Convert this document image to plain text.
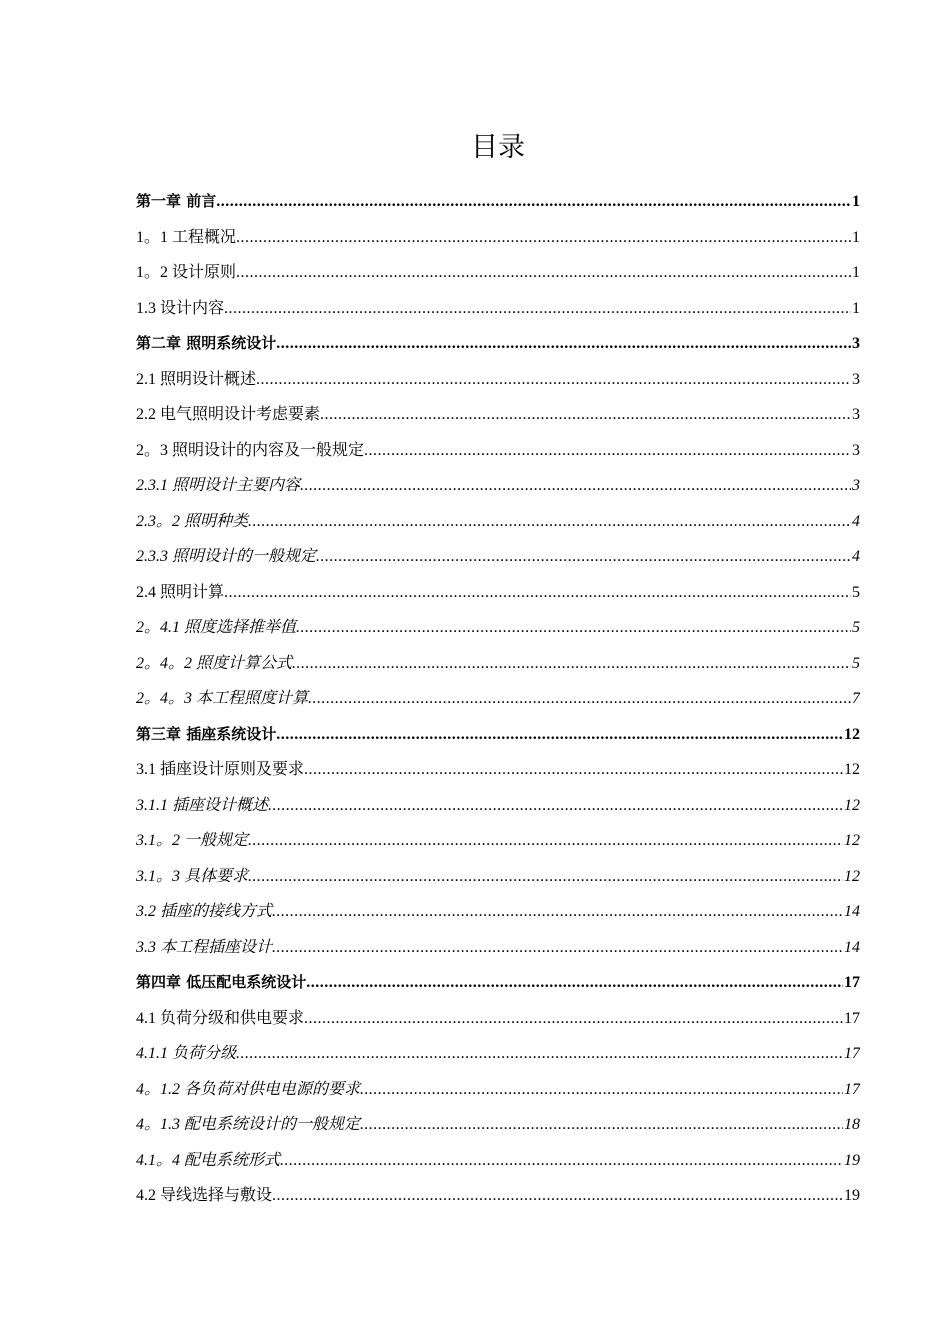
目录
第一章 前言 .....	1
1。1 工程概况 .....	1
1。2 设计原则 .....	1
1.3 设计内容 .....	1
第二章 照明系统设计 .....	3
2.1 照明设计概述 .....	3
2.2 电气照明设计考虑要素 .....	3
2。3 照明设计的内容及一般规定 .....	3
2.3.1 照明设计主要内容 .....	3
2.3。2 照明种类 .....	4
2.3.3 照明设计的一般规定 .....	4
2.4 照明计算 .....	5
2。4.1 照度选择推举值 .....	5
2。4。2 照度计算公式 .....	5
2。4。3 本工程照度计算 .....	7
第三章 插座系统设计 .....	12
3.1 插座设计原则及要求 .....	12
3.1.1 插座设计概述 .....	12
3.1。2 一般规定 .....	12
3.1。3 具体要求 .....	12
3.2 插座的接线方式 .....	14
3.3 本工程插座设计 .....	14
第四章 低压配电系统设计 .....	17
4.1 负荷分级和供电要求 .....	17
4.1.1 负荷分级 .....	17
4。1.2 各负荷对供电电源的要求 .....	17
4。1.3 配电系统设计的一般规定 .....	18
4.1。4 配电系统形式 .....	19
4.2 导线选择与敷设 .....	19
